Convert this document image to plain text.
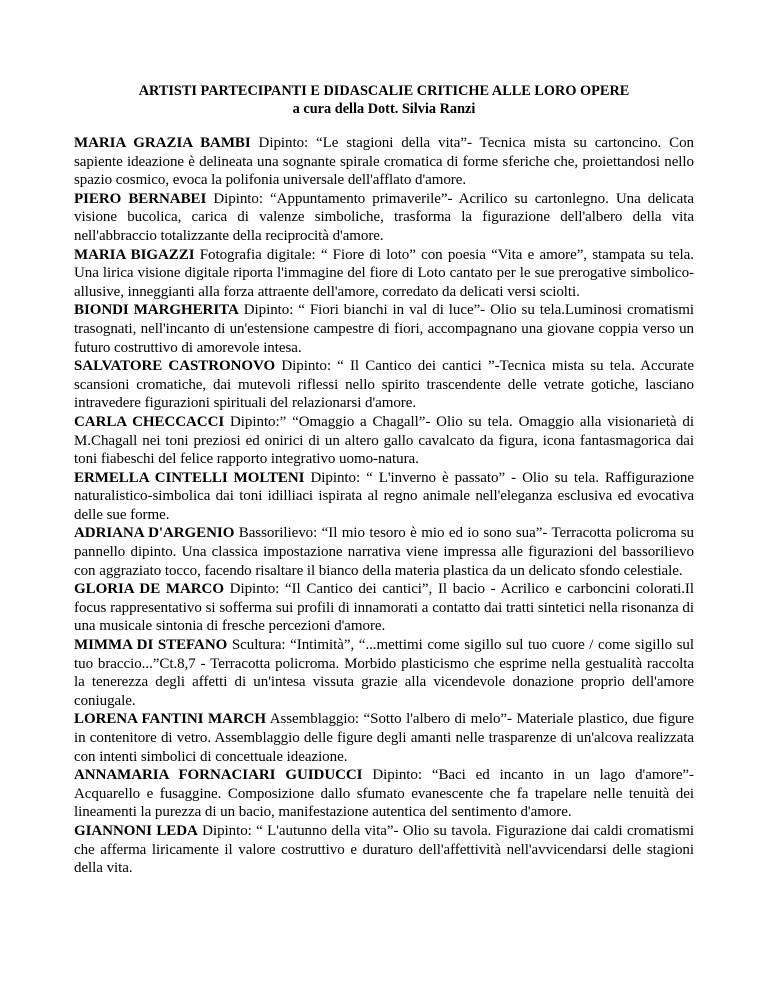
ARTISTI PARTECIPANTI E DIDASCALIE CRITICHE ALLE LORO OPERE
a cura della Dott. Silvia Ranzi
MARIA GRAZIA BAMBI Dipinto: “Le stagioni della vita”- Tecnica mista su cartoncino. Con sapiente ideazione è delineata una sognante spirale cromatica di forme sferiche che, proiettandosi nello spazio cosmico, evoca la polifonia universale dell'afflato d'amore.
PIERO BERNABEI Dipinto: “Appuntamento primaverile”- Acrilico su cartonlegno. Una delicata visione bucolica, carica di valenze simboliche, trasforma la figurazione dell'albero della vita nell'abbraccio totalizzante della reciprocità d'amore.
MARIA BIGAZZI Fotografia digitale: “ Fiore di loto” con poesia “Vita e amore”, stampata su tela. Una lirica visione digitale riporta l'immagine del fiore di Loto cantato per le sue prerogative simbolico-allusive, inneggianti alla forza attraente dell'amore, corredato da delicati versi sciolti.
BIONDI MARGHERITA Dipinto: “ Fiori bianchi in val di luce”- Olio su tela.Luminosi cromatismi trasognati, nell'incanto di un'estensione campestre di fiori, accompagnano una giovane coppia verso un futuro costruttivo di amorevole intesa.
SALVATORE CASTRONOVO Dipinto: “ Il Cantico dei cantici ”-Tecnica mista su tela. Accurate scansioni cromatiche, dai mutevoli riflessi nello spirito trascendente delle vetrate gotiche, lasciano intravedere figurazioni spirituali del relazionarsi d'amore.
CARLA CHECCACCI Dipinto:” “Omaggio a Chagall”- Olio su tela. Omaggio alla visionarietà di M.Chagall nei toni preziosi ed onirici di un altero gallo cavalcato da figura, icona fantasmagorica dai toni fiabeschi del felice rapporto integrativo uomo-natura.
ERMELLA CINTELLI MOLTENI Dipinto: “ L'inverno è passato” - Olio su tela. Raffigurazione naturalistico-simbolica dai toni idilliaci ispirata al regno animale nell'eleganza esclusiva ed evocativa delle sue forme.
ADRIANA D'ARGENIO Bassorilievo: “Il mio tesoro è mio ed io sono sua”- Terracotta policroma su pannello dipinto. Una classica impostazione narrativa viene impressa alle figurazioni del bassorilievo con aggraziato tocco, facendo risaltare il bianco della materia plastica da un delicato sfondo celestiale.
GLORIA DE MARCO Dipinto: “Il Cantico dei cantici”, Il bacio - Acrilico e carboncini colorati.Il focus rappresentativo si sofferma sui profili di innamorati a contatto dai tratti sintetici nella risonanza di una musicale sintonia di fresche percezioni d'amore.
MIMMA DI STEFANO Scultura: “Intimità”, “...mettimi come sigillo sul tuo cuore / come sigillo sul tuo braccio...”Ct.8,7 - Terracotta policroma. Morbido plasticismo che esprime nella gestualità raccolta la tenerezza degli affetti di un'intesa vissuta grazie alla vicendevole donazione proprio dell'amore coniugale.
LORENA FANTINI MARCH Assemblaggio: “Sotto l'albero di melo”- Materiale plastico, due figure in contenitore di vetro. Assemblaggio delle figure degli amanti nelle trasparenze di un'alcova realizzata con intenti simbolici di concettuale ideazione.
ANNAMARIA FORNACIARI GUIDUCCI Dipinto: “Baci ed incanto in un lago d'amore”- Acquarello e fusaggine. Composizione dallo sfumato evanescente che fa trapelare nelle tenuità dei lineamenti la purezza di un bacio, manifestazione autentica del sentimento d'amore.
GIANNONI LEDA Dipinto: “ L'autunno della vita”- Olio su tavola. Figurazione dai caldi cromatismi che afferma liricamente il valore costruttivo e duraturo dell'affettività nell'avvicendarsi delle stagioni della vita.
